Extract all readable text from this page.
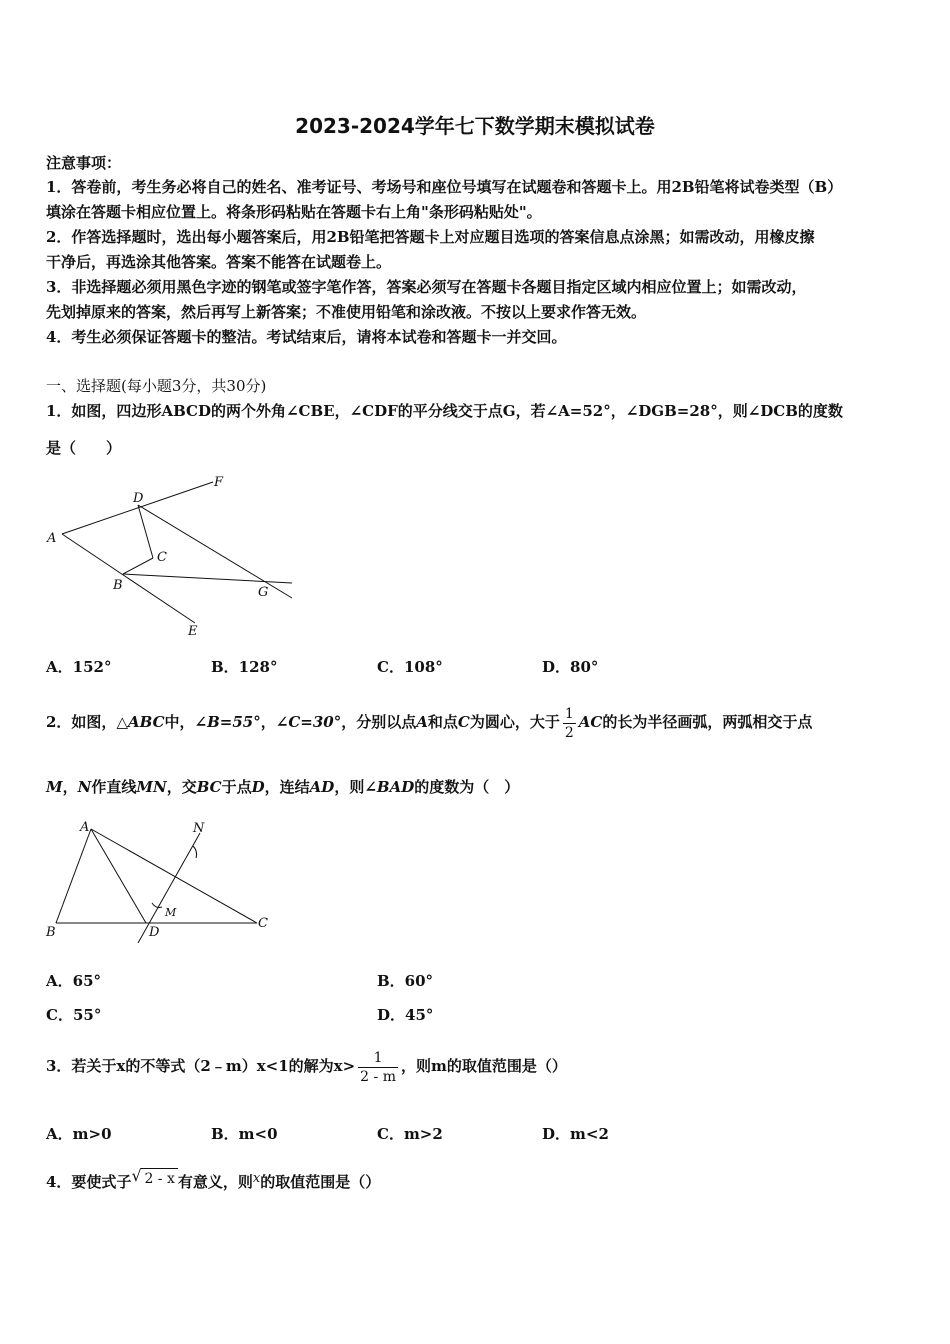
2023-2024学年七下数学期末模拟试卷
注意事项：
1．答卷前，考生务必将自己的姓名、准考证号、考场号和座位号填写在试题卷和答题卡上。用2B铅笔将试卷类型（B）
填涂在答题卡相应位置上。将条形码粘贴在答题卡右上角"条形码粘贴处"。
2．作答选择题时，选出每小题答案后，用2B铅笔把答题卡上对应题目选项的答案信息点涂黑；如需改动，用橡皮擦
干净后，再选涂其他答案。答案不能答在试题卷上。
3．非选择题必须用黑色字迹的钢笔或签字笔作答，答案必须写在答题卡各题目指定区域内相应位置上；如需改动，
先划掉原来的答案，然后再写上新答案；不准使用铅笔和涂改液。不按以上要求作答无效。
4．考生必须保证答题卡的整洁。考试结束后，请将本试卷和答题卡一并交回。
一、选择题(每小题3分，共30分)
1．如图，四边形ABCD的两个外角∠CBE，∠CDF的平分线交于点G，若∠A=52°，∠DGB=28°，则∠DCB的度数
是（　　）
A
D
F
C
B	G
E
A．152°	B．128°	C．108°	D．80°
2．如图，△ABC中，∠B=55°，∠C=30°，分别以点A和点C为圆心，大于 $\frac{1}{2}$ AC的长为半径画弧，两弧相交于点
M，N作直线MN，交BC于点D，连结AD，则∠BAD的度数为（　）
A
B	D
C
N
M
A．65°	B．60°
C．55°	D．45°
3．若关于x的不等式（2﹣m）x<1的解为$x> \frac{1}{2 - m}$ ，则m的取值范围是（）
A．m>0	B．m<0	C．m>2	D．m<2
4．要使式子 √ 2 - x 有意义，则x的取值范围是（）
